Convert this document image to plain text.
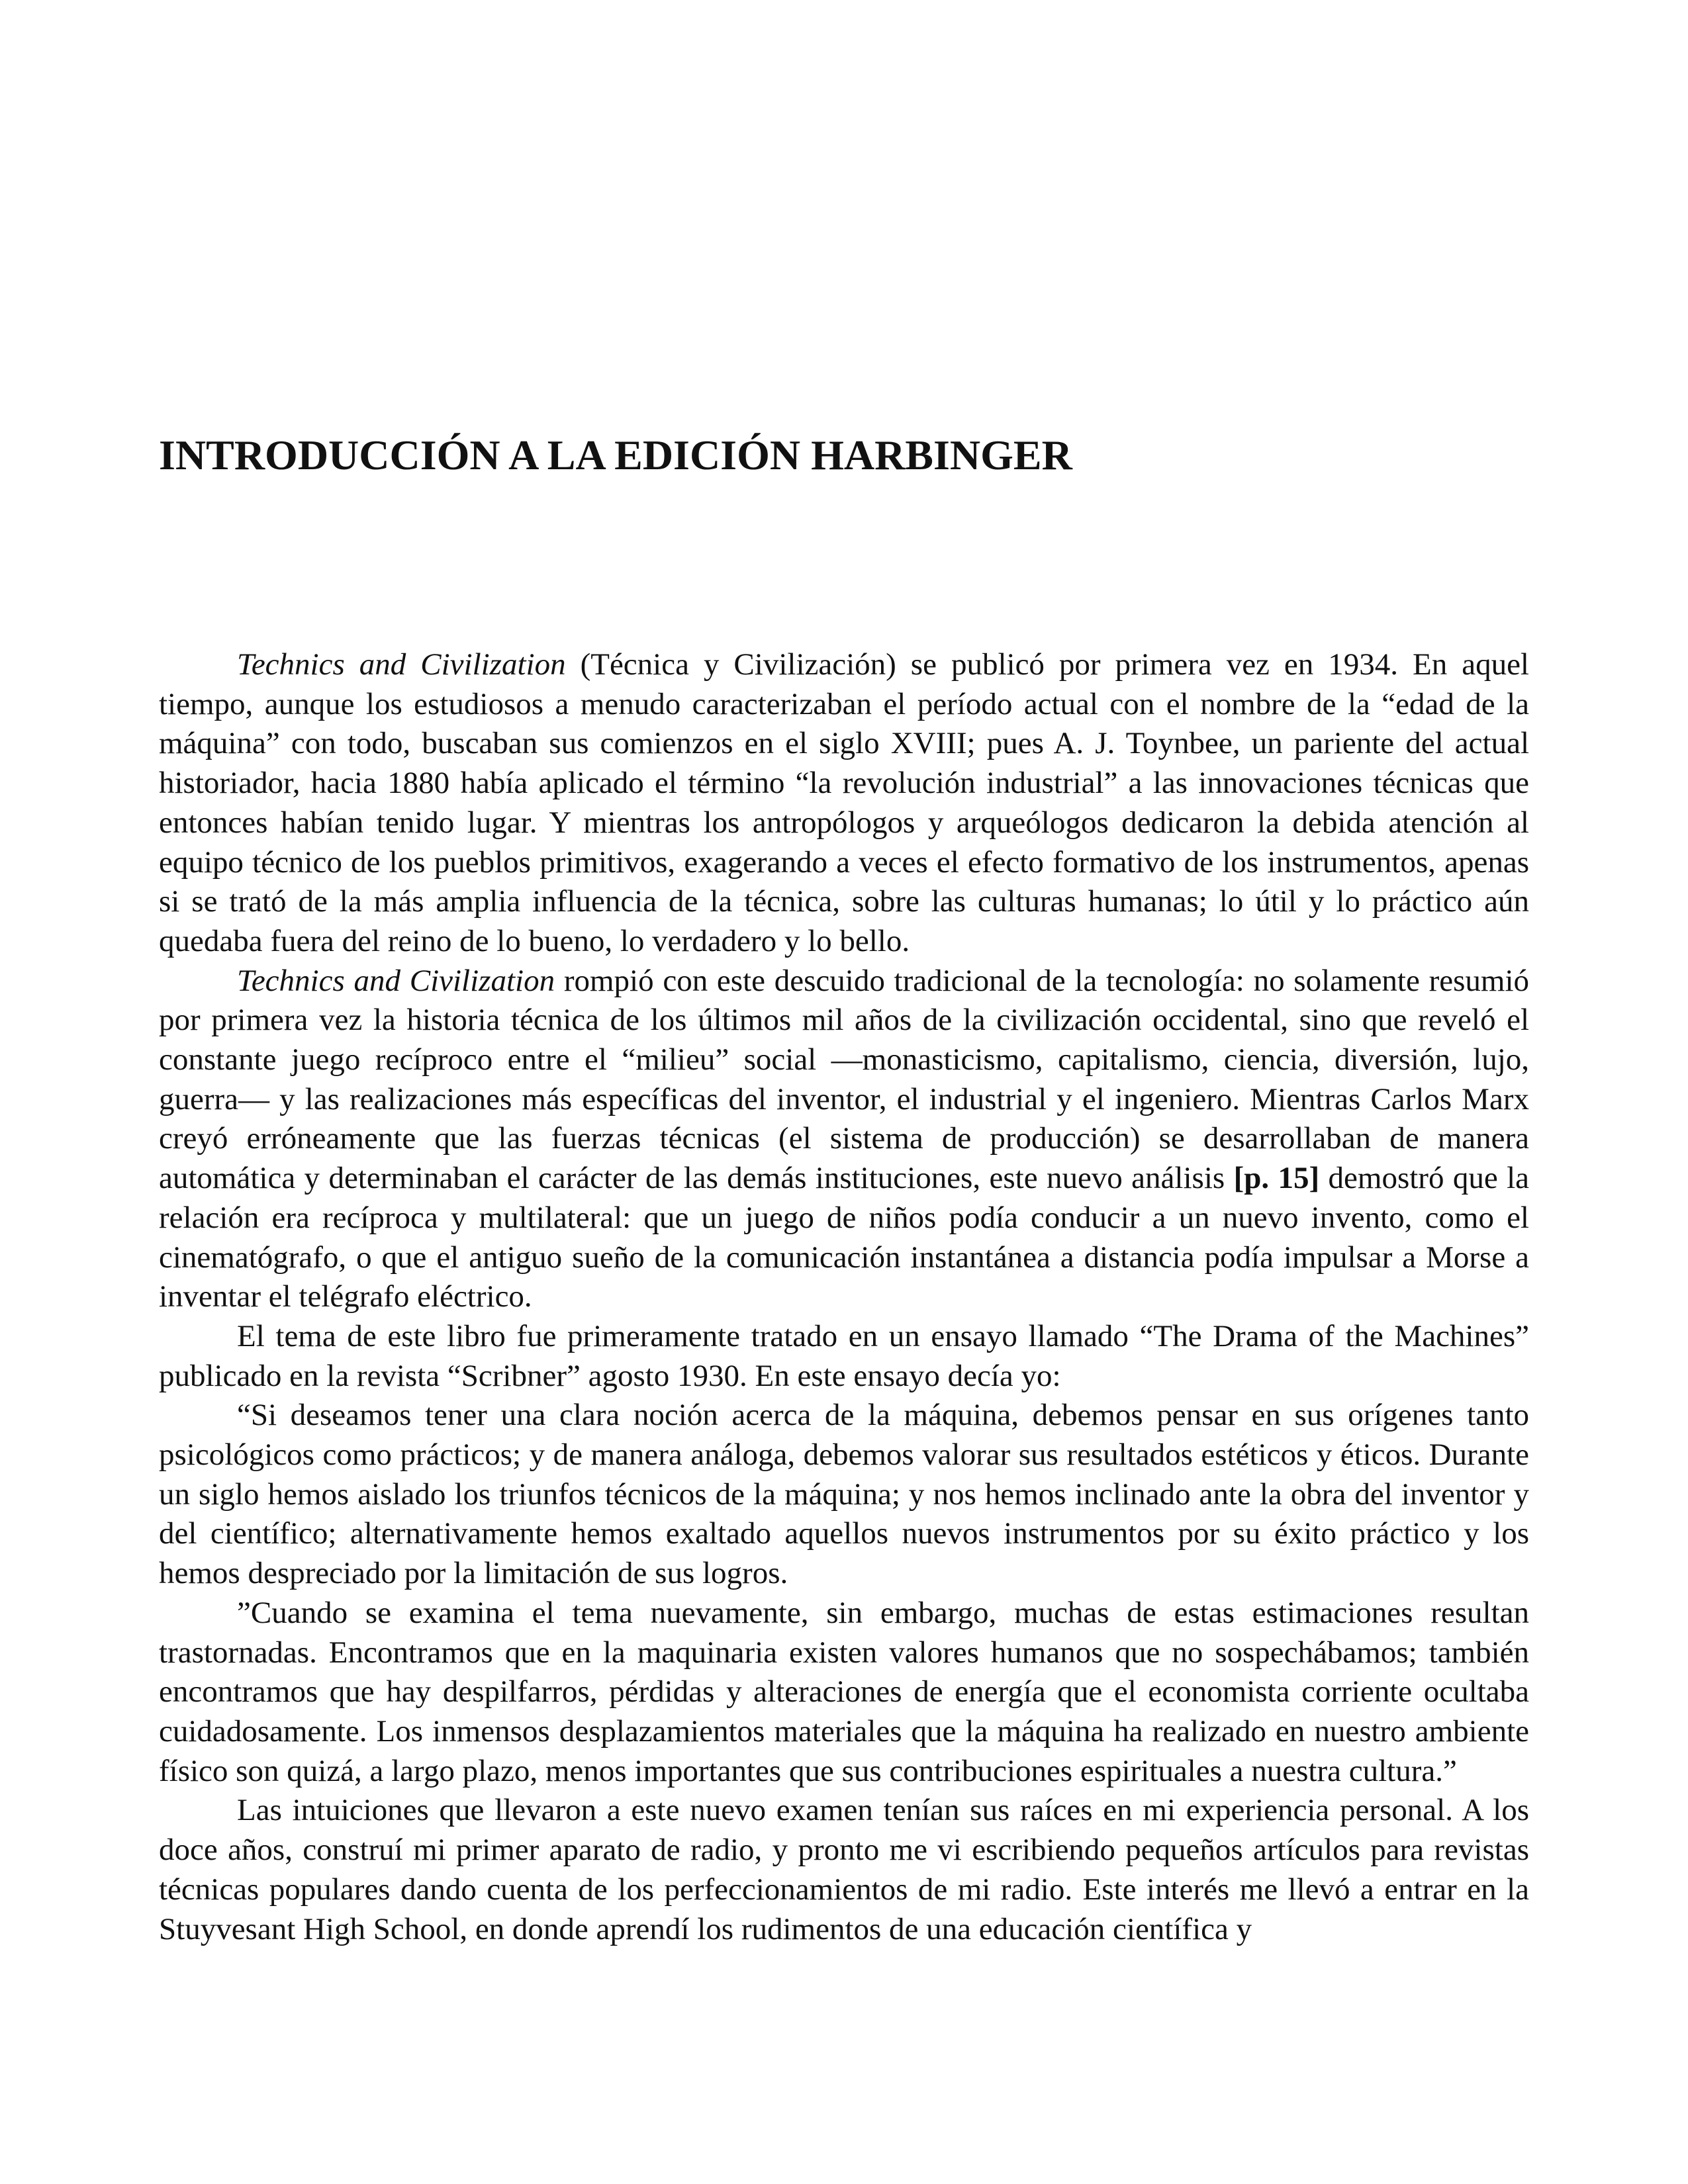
INTRODUCCIÓN A LA EDICIÓN HARBINGER

Technics and Civilization (Técnica y Civilización) se publicó por primera vez en 1934. En aquel tiempo, aunque los estudiosos a menudo caracterizaban el período actual con el nombre de la “edad de la máquina” con todo, buscaban sus comienzos en el siglo XVIII; pues A. J. Toynbee, un pariente del actual historiador, hacia 1880 había aplicado el término “la revolución industrial” a las innovaciones técnicas que entonces habían tenido lugar. Y mientras los antropólogos y arqueólogos dedicaron la debida atención al equipo técnico de los pueblos primitivos, exagerando a veces el efecto formativo de los instrumentos, apenas si se trató de la más amplia influencia de la técnica, sobre las culturas humanas; lo útil y lo práctico aún quedaba fuera del reino de lo bueno, lo verdadero y lo bello.

Technics and Civilization rompió con este descuido tradicional de la tecnología: no solamente resumió por primera vez la historia técnica de los últimos mil años de la civilización occidental, sino que reveló el constante juego recíproco entre el “milieu” social —monasticismo, capitalismo, ciencia, diversión, lujo, guerra— y las realizaciones más específicas del inventor, el industrial y el ingeniero. Mientras Carlos Marx creyó erróneamente que las fuerzas técnicas (el sistema de producción) se desarrollaban de manera automática y determinaban el carácter de las demás instituciones, este nuevo análisis [p. 15] demostró que la relación era recíproca y multilateral: que un juego de niños podía conducir a un nuevo invento, como el cinematógrafo, o que el antiguo sueño de la comunicación instantánea a distancia podía impulsar a Morse a inventar el telégrafo eléctrico.

El tema de este libro fue primeramente tratado en un ensayo llamado “The Drama of the Machines” publicado en la revista “Scribner” agosto 1930. En este ensayo decía yo:

“Si deseamos tener una clara noción acerca de la máquina, debemos pensar en sus orígenes tanto psicológicos como prácticos; y de manera análoga, debemos valorar sus resultados estéticos y éticos. Durante un siglo hemos aislado los triunfos técnicos de la máquina; y nos hemos inclinado ante la obra del inventor y del científico; alternativamente hemos exaltado aquellos nuevos instrumentos por su éxito práctico y los hemos despreciado por la limitación de sus logros.

”Cuando se examina el tema nuevamente, sin embargo, muchas de estas estimaciones resultan trastornadas. Encontramos que en la maquinaria existen valores humanos que no sospechábamos; también encontramos que hay despilfarros, pérdidas y alteraciones de energía que el economista corriente ocultaba cuidadosamente. Los inmensos desplazamientos materiales que la máquina ha realizado en nuestro ambiente físico son quizá, a largo plazo, menos importantes que sus contribuciones espirituales a nuestra cultura.”

Las intuiciones que llevaron a este nuevo examen tenían sus raíces en mi experiencia personal. A los doce años, construí mi primer aparato de radio, y pronto me vi escribiendo pequeños artículos para revistas técnicas populares dando cuenta de los perfeccionamientos de mi radio. Este interés me llevó a entrar en la Stuyvesant High School, en donde aprendí los rudimentos de una educación científica y
